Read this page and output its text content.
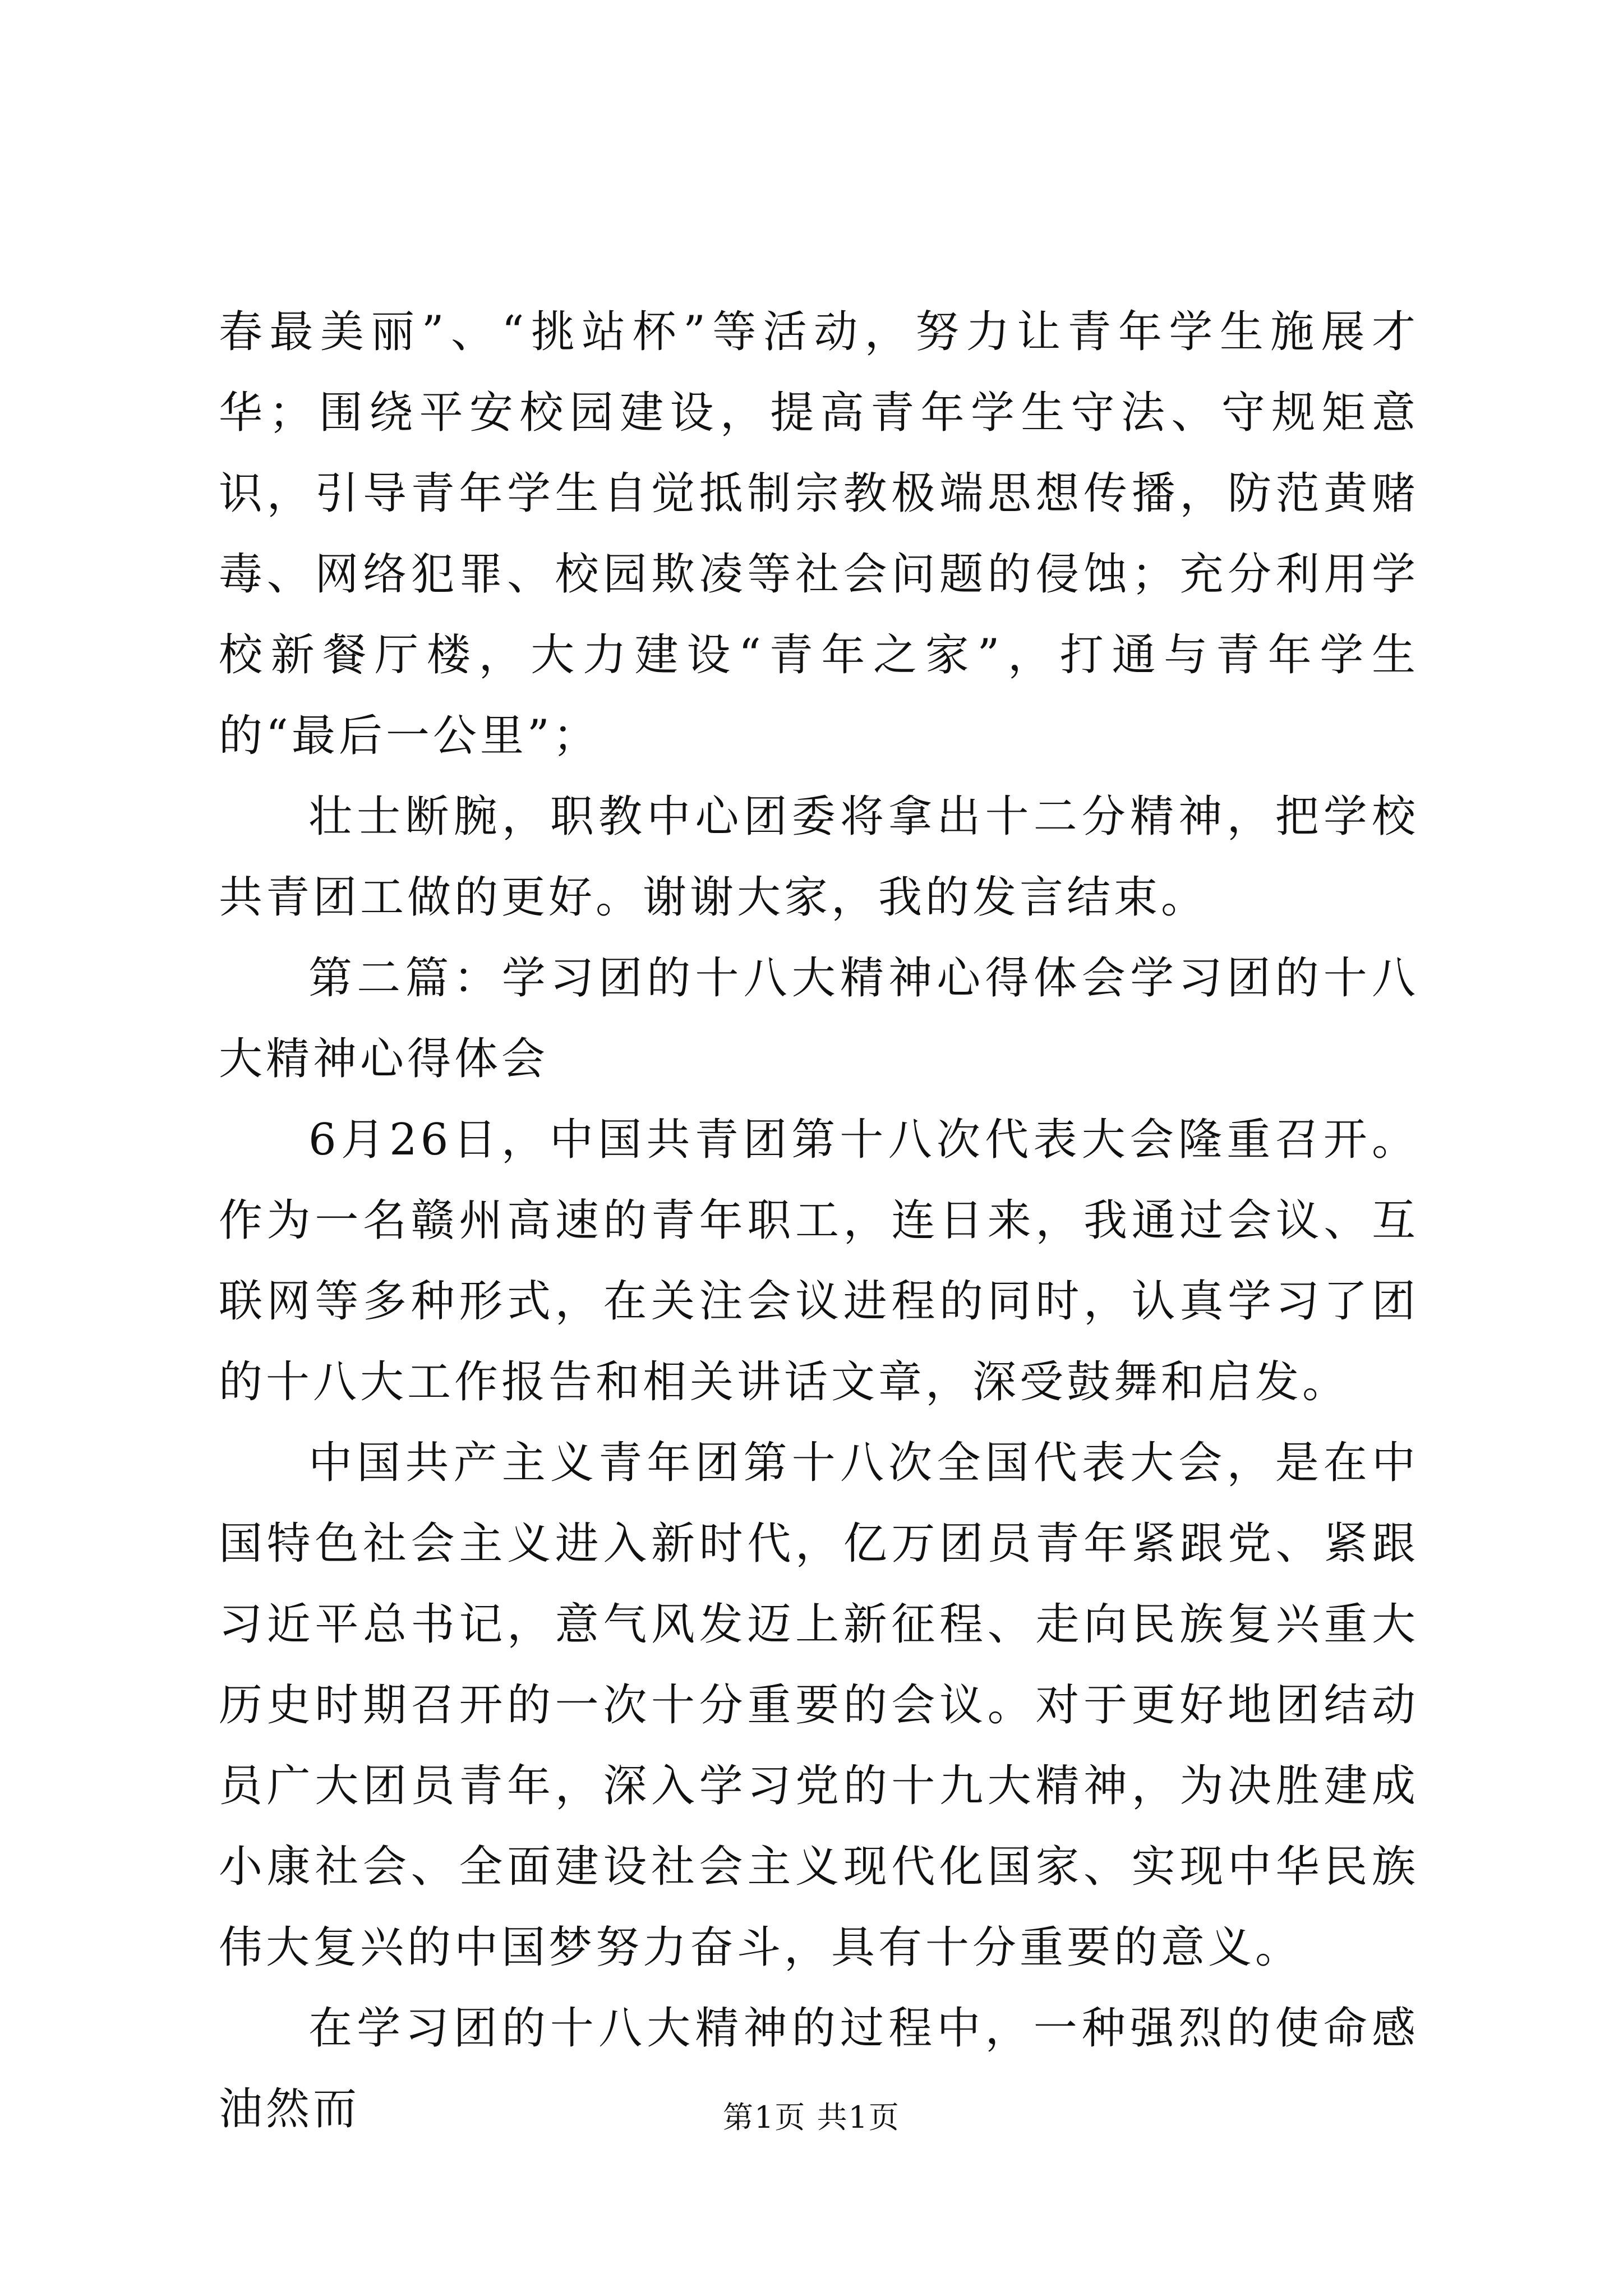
春最美丽”、“挑站杯”等活动，努力让青年学生施展才华；围绕平安校园建设，提高青年学生守法、守规矩意识，引导青年学生自觉抵制宗教极端思想传播，防范黄赌毒、网络犯罪、校园欺凌等社会问题的侵蚀；充分利用学校新餐厅楼，大力建设“青年之家”，打通与青年学生的“最后一公里”；

壮士断腕，职教中心团委将拿出十二分精神，把学校共青团工做的更好。谢谢大家，我的发言结束。

第二篇：学习团的十八大精神心得体会学习团的十八大精神心得体会

6月26日，中国共青团第十八次代表大会隆重召开。作为一名赣州高速的青年职工，连日来，我通过会议、互联网等多种形式，在关注会议进程的同时，认真学习了团的十八大工作报告和相关讲话文章，深受鼓舞和启发。

中国共产主义青年团第十八次全国代表大会，是在中国特色社会主义进入新时代，亿万团员青年紧跟党、紧跟习近平总书记，意气风发迈上新征程、走向民族复兴重大历史时期召开的一次十分重要的会议。对于更好地团结动员广大团员青年，深入学习党的十九大精神，为决胜建成小康社会、全面建设社会主义现代化国家、实现中华民族伟大复兴的中国梦努力奋斗，具有十分重要的意义。

在学习团的十八大精神的过程中，一种强烈的使命感油然而	第1页 共1页
